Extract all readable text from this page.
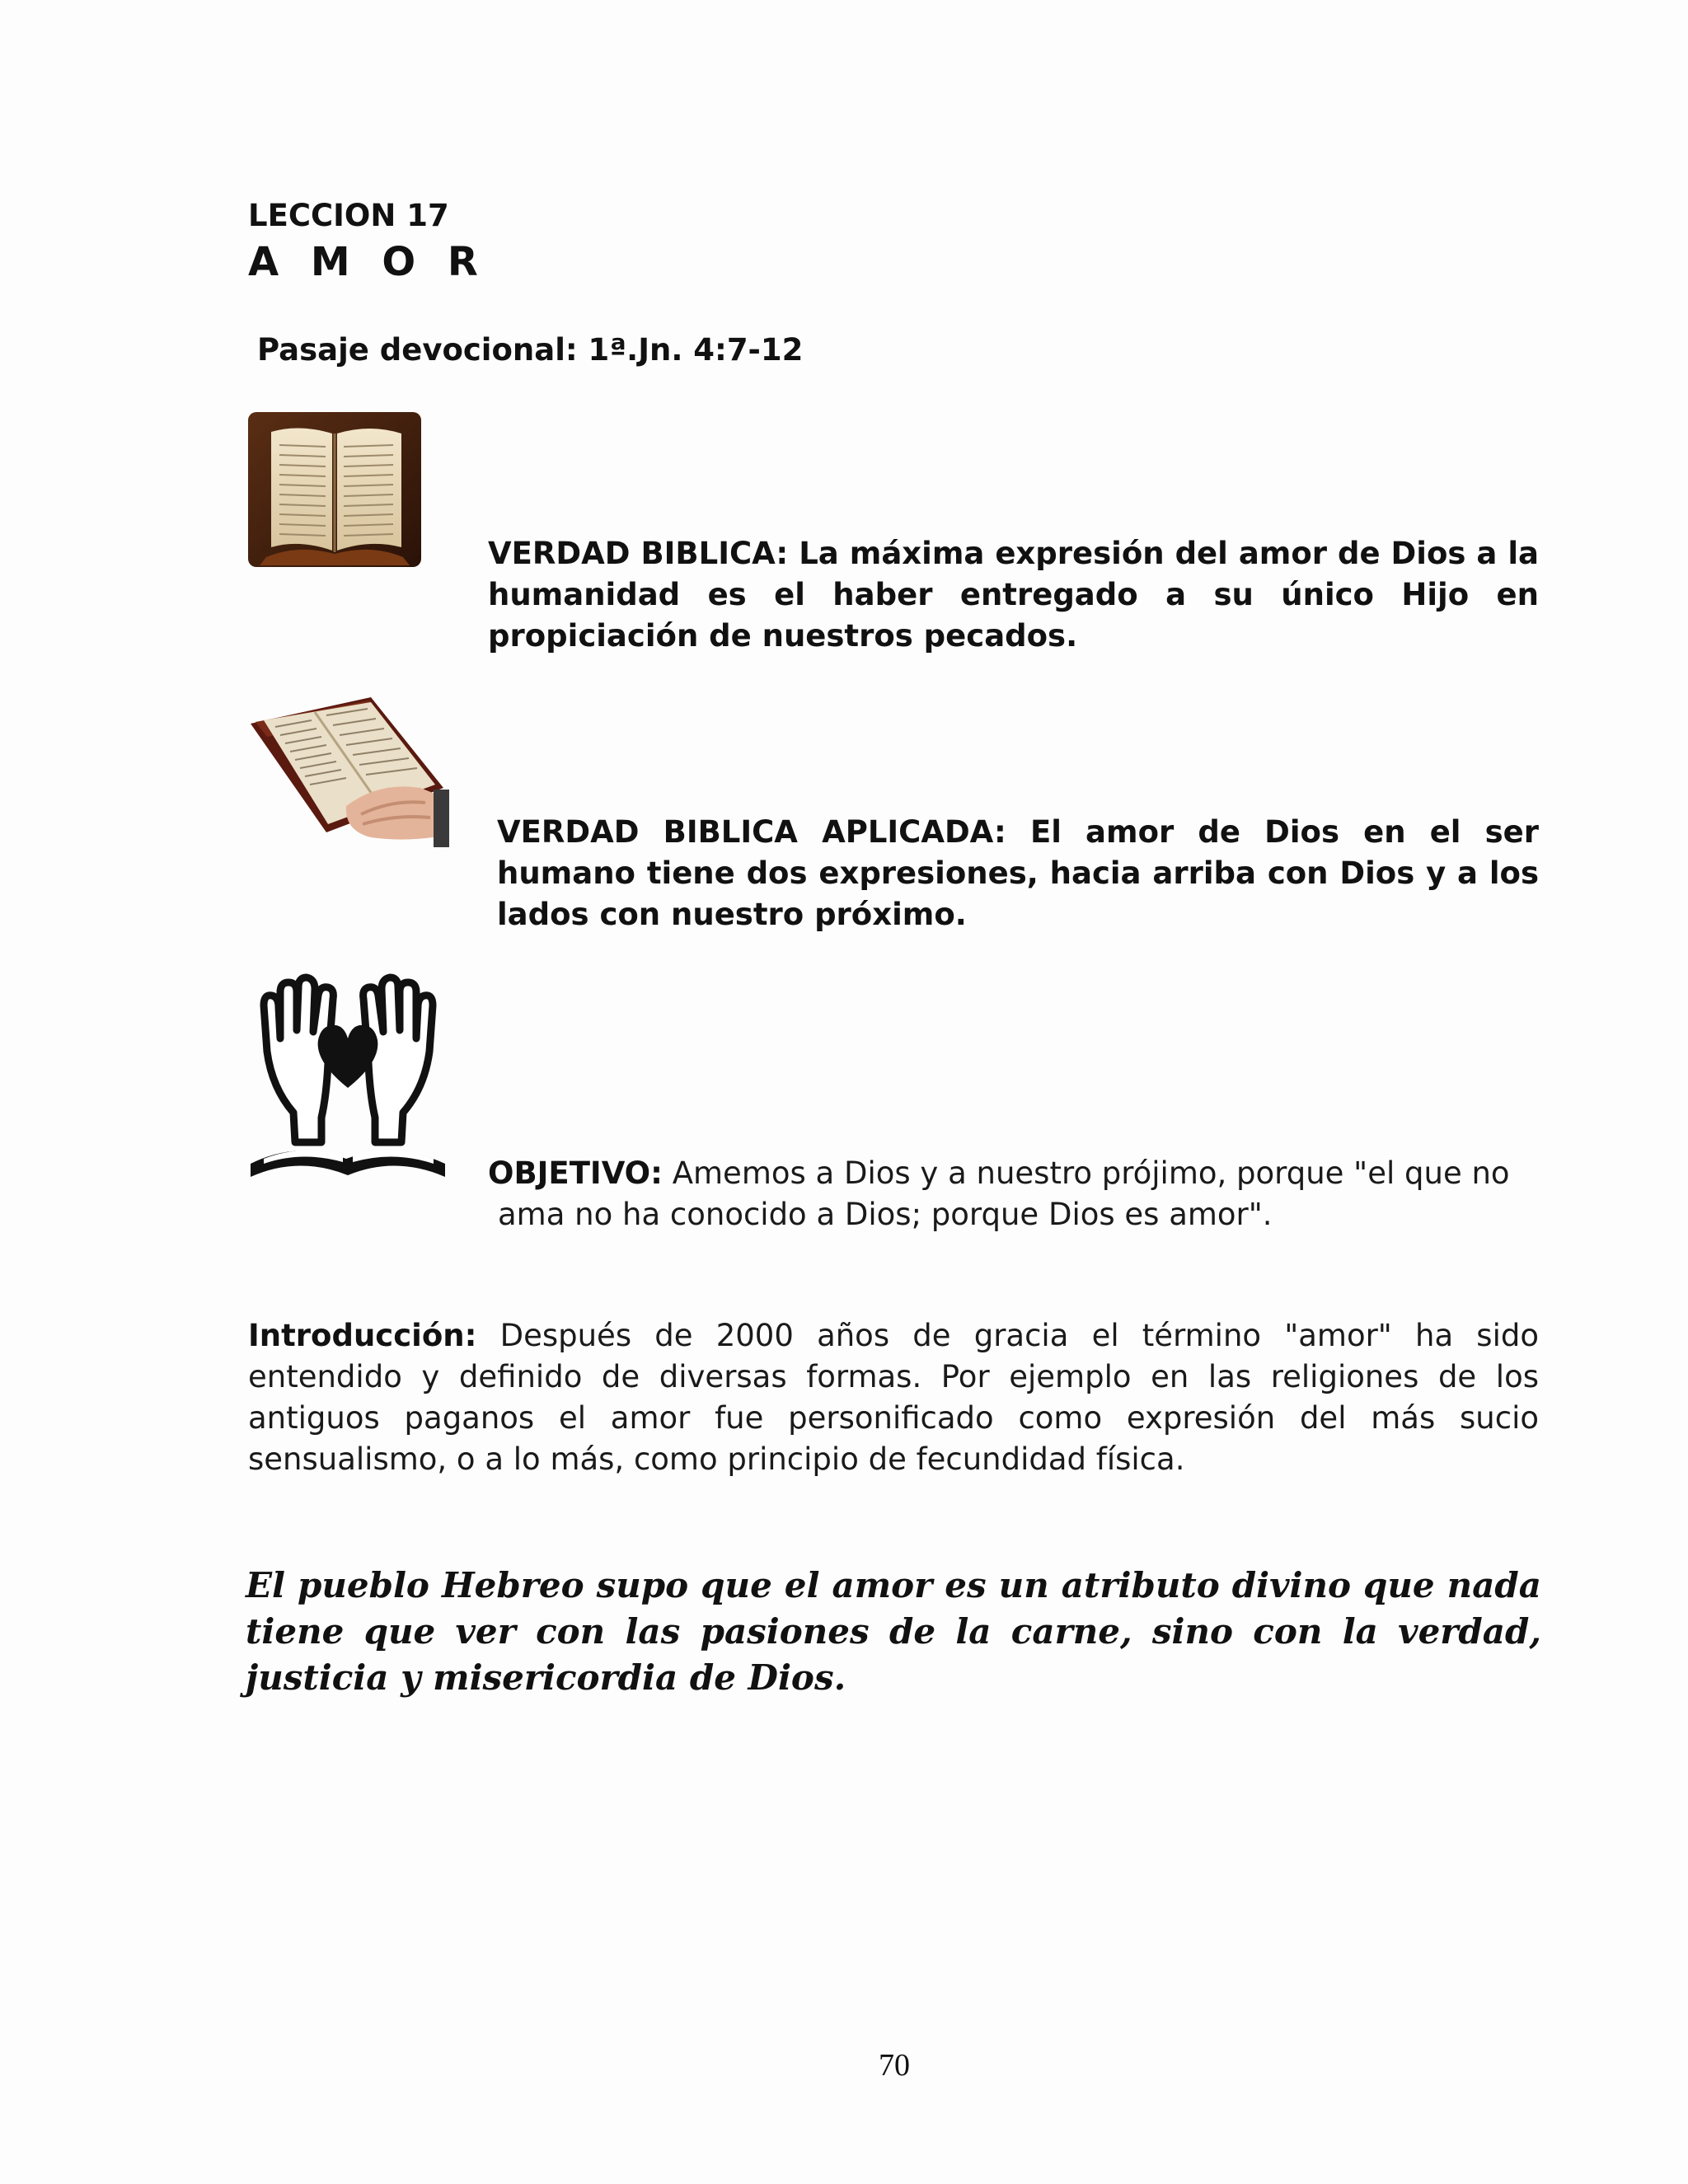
LECCION 17
A M O R
Pasaje devocional: 1ª.Jn. 4:7-12
VERDAD BIBLICA: La máxima expresión del amor de Dios a la humanidad es el haber entregado a su único Hijo en propiciación de nuestros pecados.
VERDAD BIBLICA APLICADA: El amor de Dios en el ser humano tiene dos expresiones, hacia arriba con Dios y a los lados con nuestro próximo.
OBJETIVO: Amemos a Dios y a nuestro prójimo, porque "el que no
ama no ha conocido a Dios; porque Dios es amor".
Introducción: Después de 2000 años de gracia el término "amor" ha sido entendido y definido de diversas formas. Por ejemplo en las religiones de los antiguos paganos el amor fue personificado como expresión del más sucio sensualismo, o a lo más, como principio de fecundidad física.
El pueblo Hebreo supo que el amor es un atributo divino que nada tiene que ver con las pasiones de la carne, sino con la verdad, justicia y misericordia de Dios.
70
